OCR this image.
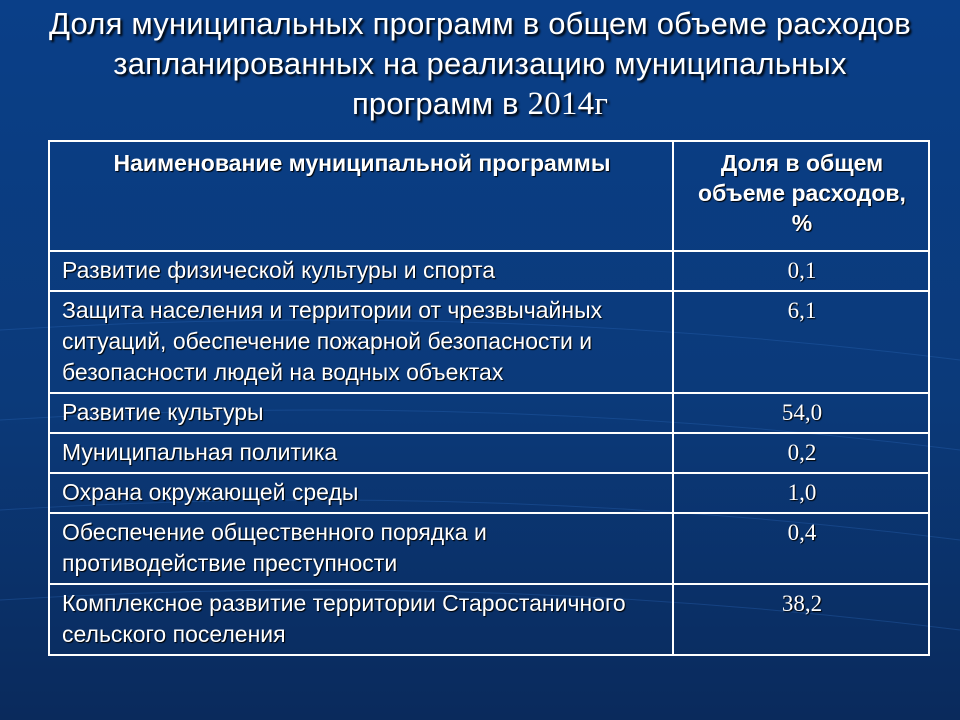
Доля муниципальных программ в общем объеме расходов запланированных на реализацию муниципальных программ в 2014г
Наименование муниципальной программы	Доля в общем объеме расходов, %
Развитие физической культуры и спорта	0,1
Защита населения и территории от чрезвычайных ситуаций, обеспечение пожарной безопасности и безопасности людей на водных объектах	6,1
Развитие культуры	54,0
Муниципальная политика	0,2
Охрана окружающей среды	1,0
Обеспечение общественного порядка и противодействие преступности	0,4
Комплексное развитие территории Старостаничного сельского поселения	38,2
